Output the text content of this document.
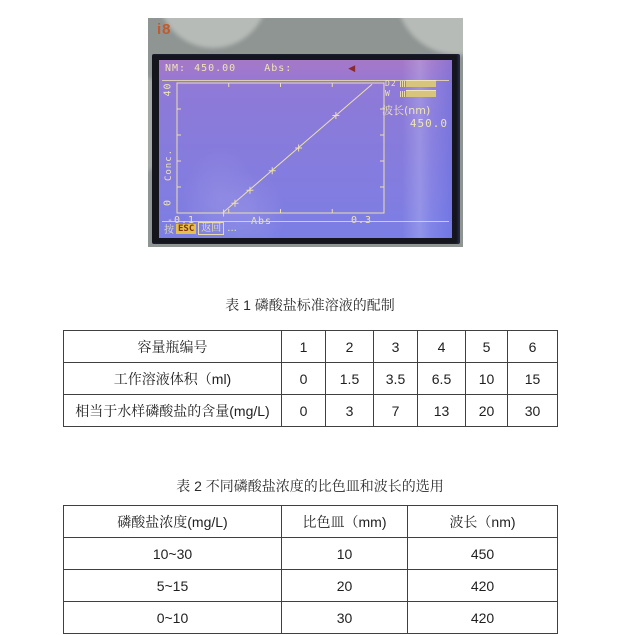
i8
NM: 450.00	Abs:	◀
40
Conc.
0
D2
W
波长(nm)
450.0
按 ESC 返回 ...
表 1 磷酸盐标准溶液的配制
容量瓶编号	1	2	3	4	5	6
工作溶液体积（ml)	0	1.5	3.5	6.5	10	15
相当于水样磷酸盐的含量(mg/L)	0	3	7	13	20	30
表 2 不同磷酸盐浓度的比色皿和波长的选用
磷酸盐浓度(mg/L)	比色皿（mm)	波长（nm)
10~30	10	450
5~15	20	420
0~10	30	420
